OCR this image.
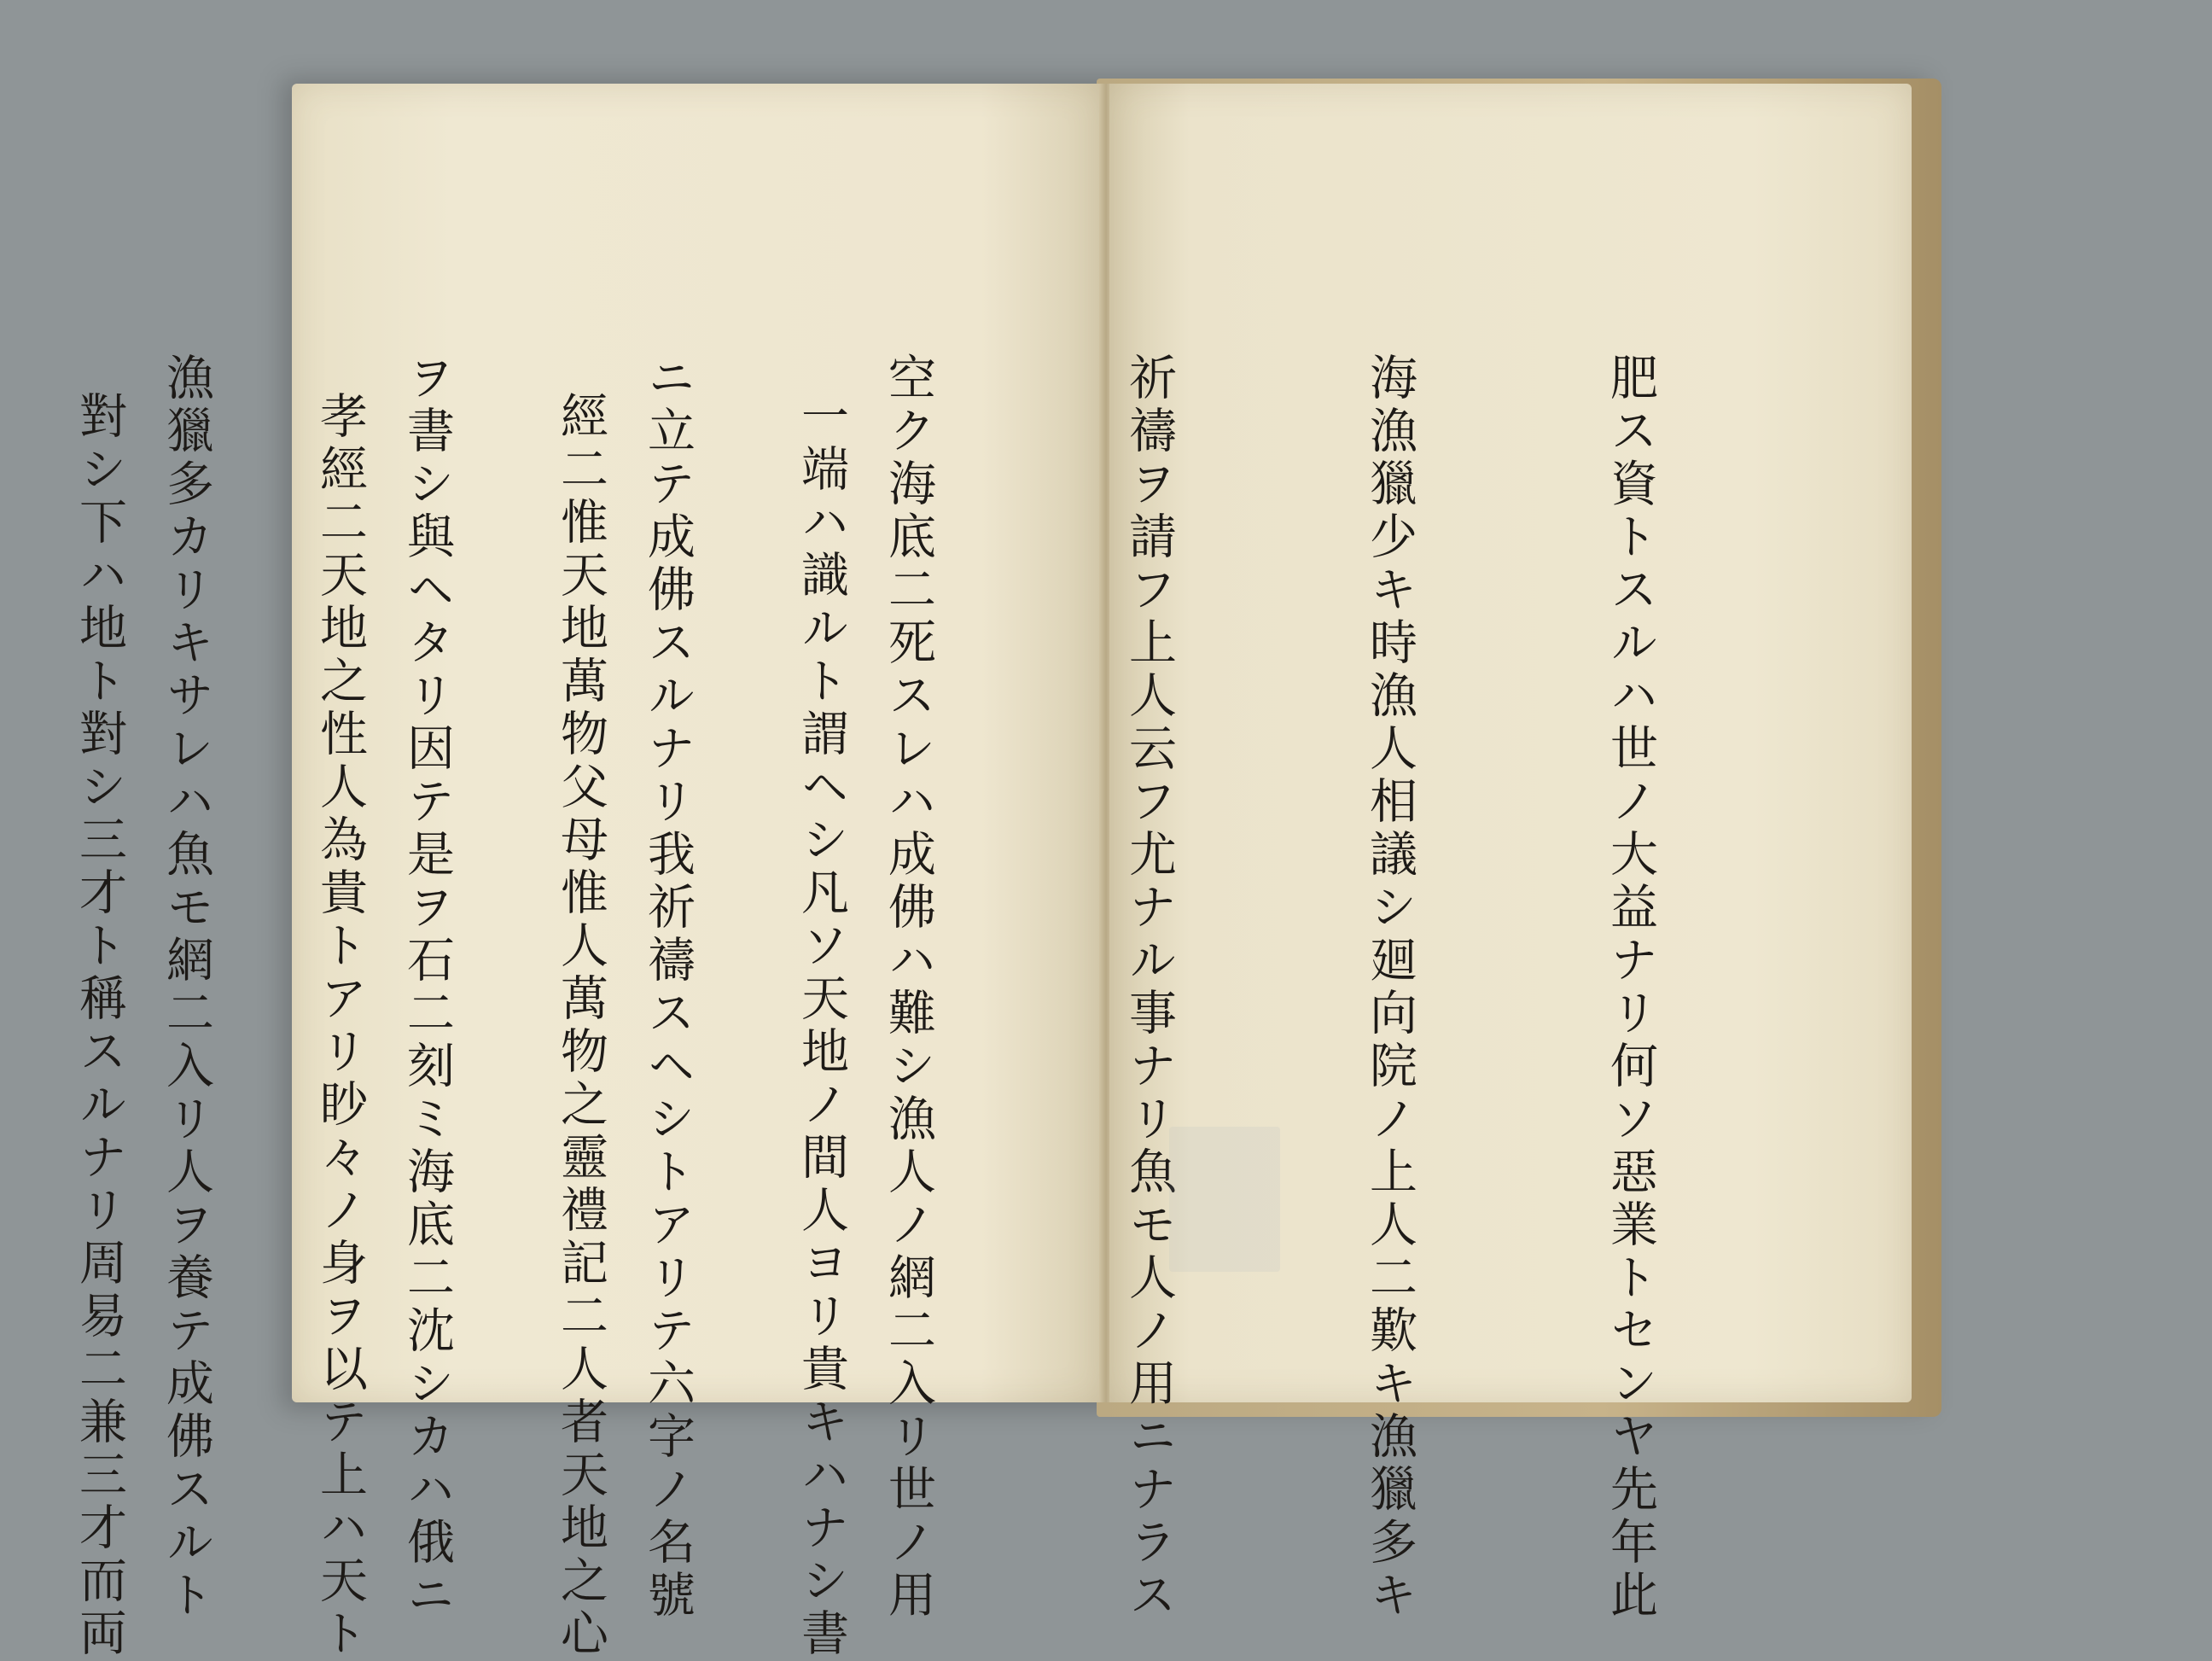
一端ハ識ルト謂ヘシ凡ソ天地ノ間人ヨリ貴キハナシ書

經二惟天地萬物父母惟人萬物之靈禮記二人者天地之心

孝經二天地之性人為貴トアリ眇々ノ身ヲ以テ上ハ天ト

對シ下ハ地ト對シ三才ト稱スルナリ周易二兼三才而両

	肥ス資トスルハ世ノ大益ナリ何ソ惡業トセンヤ先年此

海漁獵少キ時漁人相議シ廻向院ノ上人二歎キ漁獵多キ

祈禱ヲ請フ上人云フ尤ナル事ナリ魚モ人ノ用ニナラス

空ク海底二死スレハ成佛ハ難シ漁人ノ網二入リ世ノ用

ニ立テ成佛スルナリ我祈禱スヘシトアリテ六字ノ名號

ヲ書シ與ヘタリ因テ是ヲ石二刻ミ海底二沈シカハ俄ニ

漁獵多カリキサレハ魚モ網二入リ人ヲ養テ成佛スルト
